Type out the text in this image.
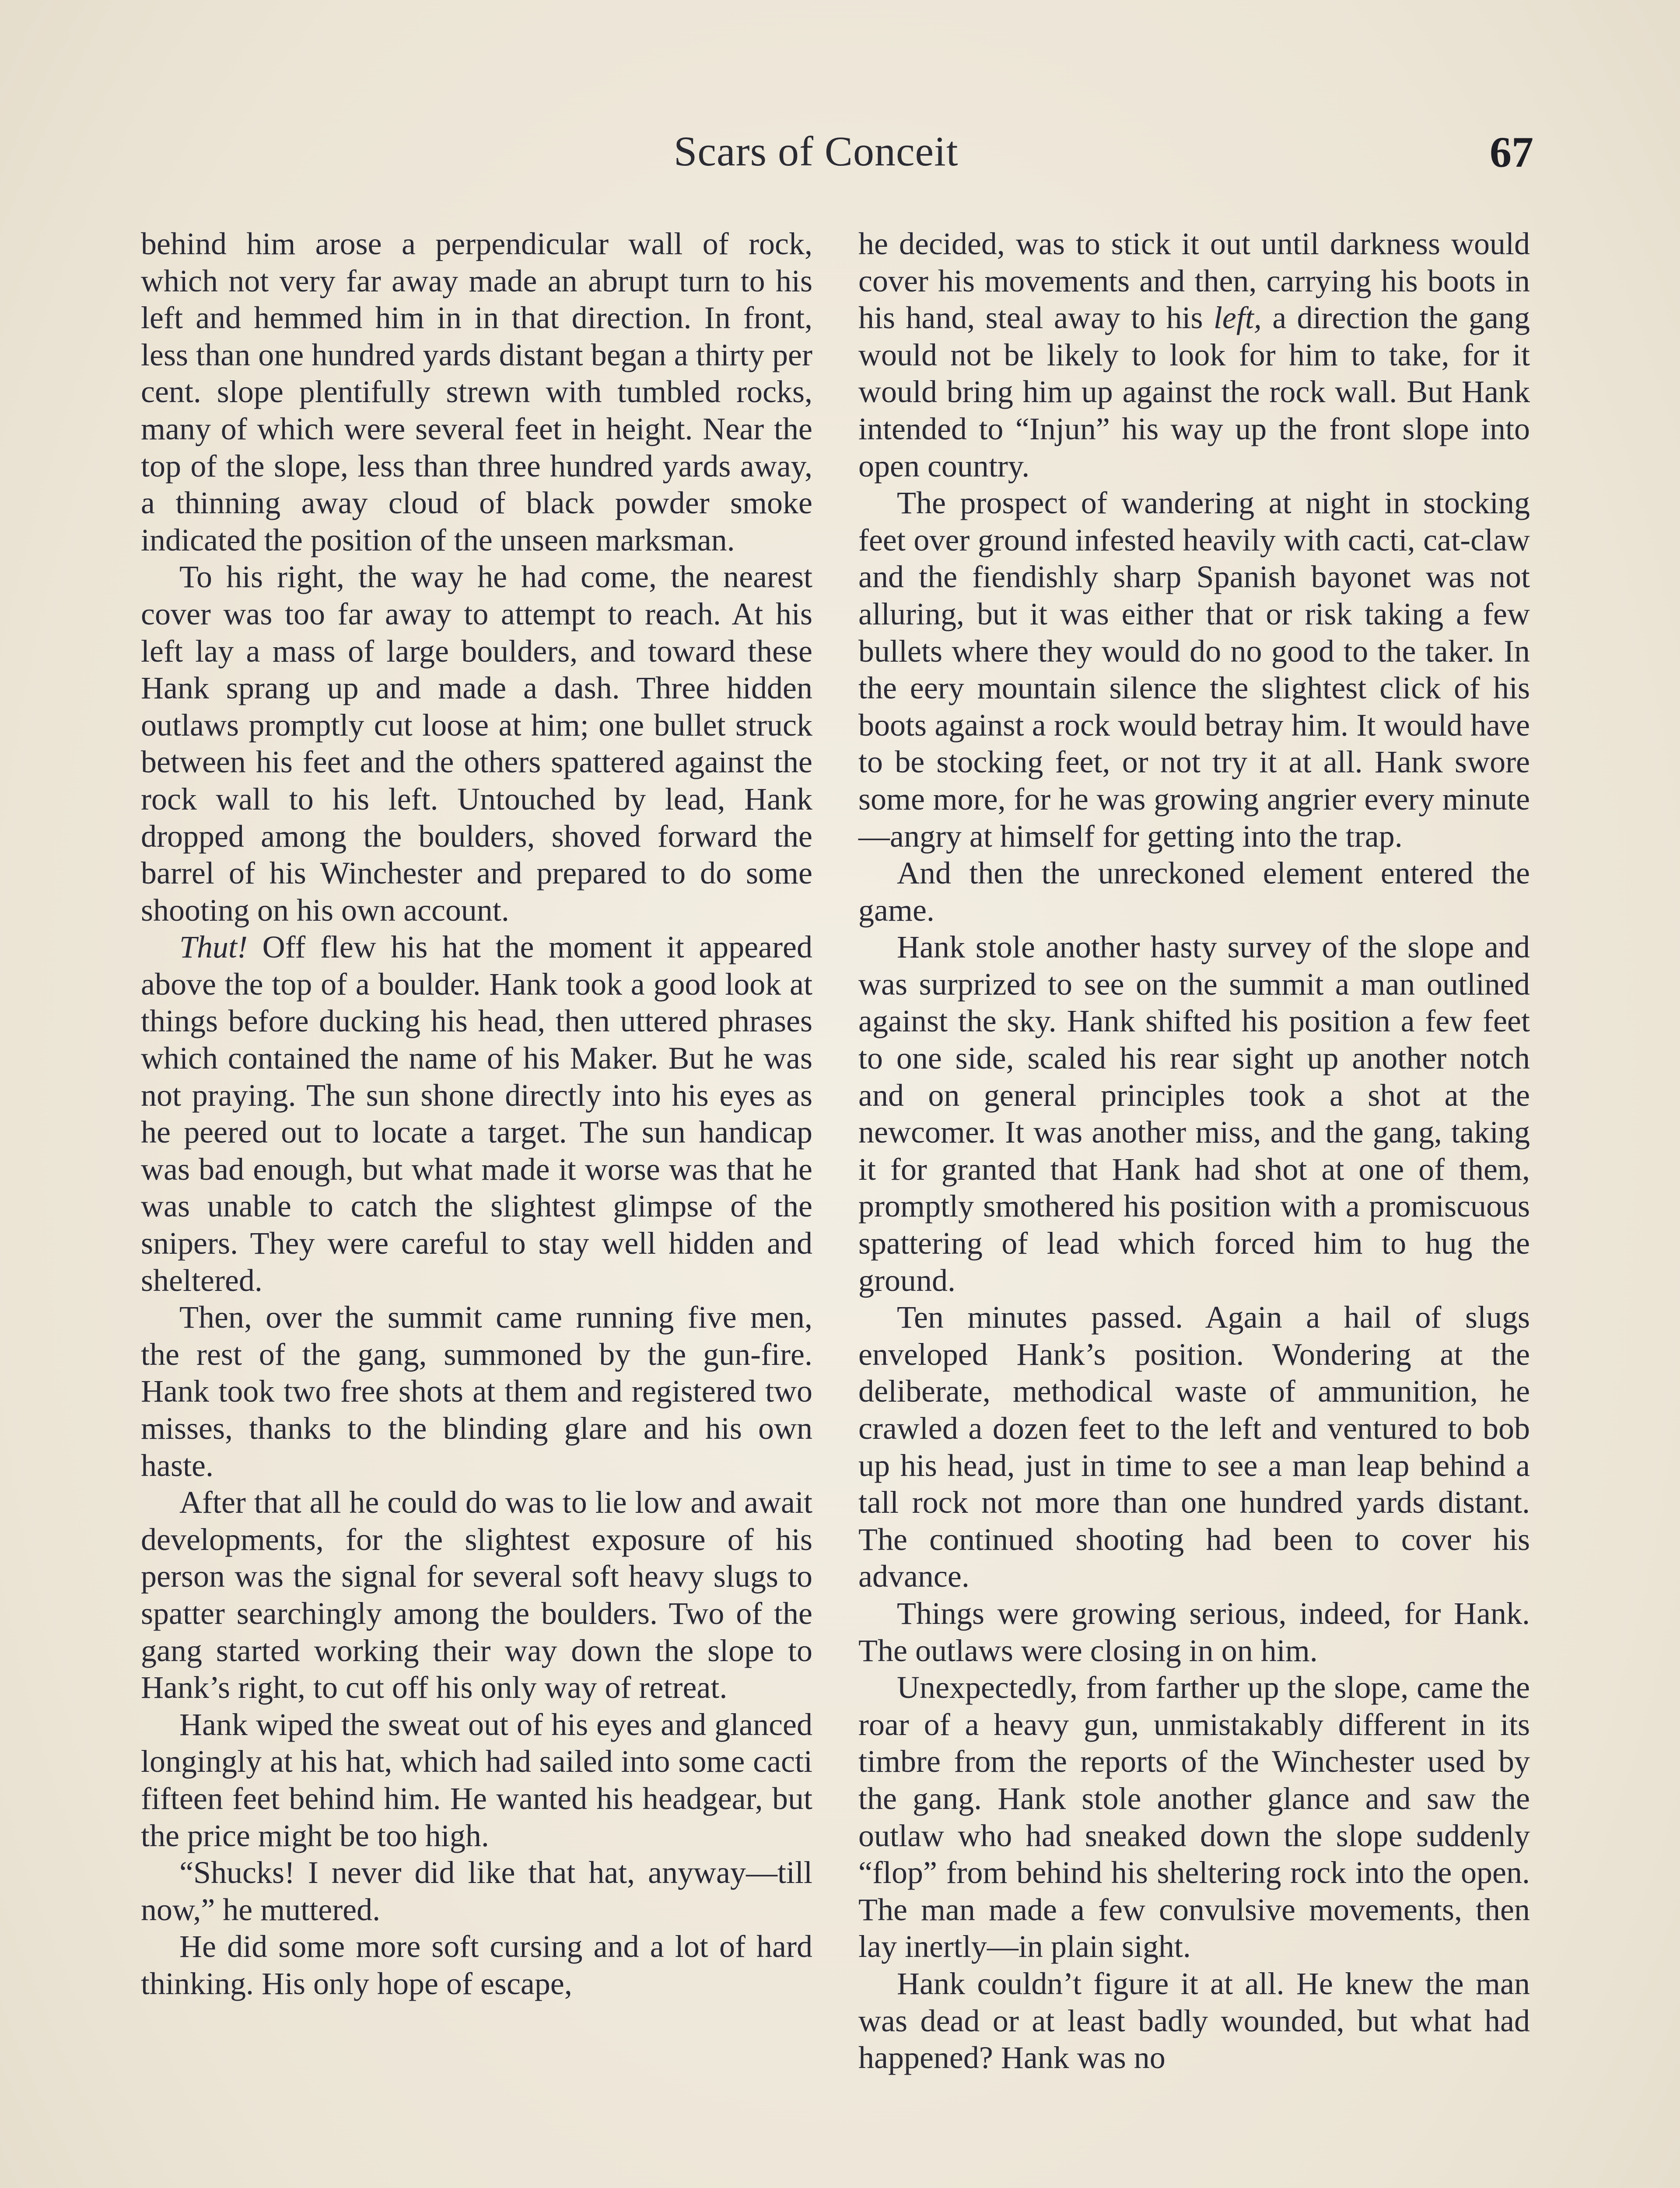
Scars of Conceit	67

behind him arose a perpendicular wall of rock, which not very far away made an abrupt turn to his left and hemmed him in in that direction. In front, less than one hundred yards distant began a thirty per cent. slope plentifully strewn with tumbled rocks, many of which were several feet in height. Near the top of the slope, less than three hundred yards away, a thinning away cloud of black powder smoke indicated the position of the unseen marksman.

To his right, the way he had come, the nearest cover was too far away to attempt to reach. At his left lay a mass of large boulders, and toward these Hank sprang up and made a dash. Three hidden outlaws promptly cut loose at him; one bullet struck between his feet and the others spattered against the rock wall to his left. Untouched by lead, Hank dropped among the boulders, shoved forward the barrel of his Winchester and prepared to do some shooting on his own account.

Thut! Off flew his hat the moment it appeared above the top of a boulder. Hank took a good look at things before ducking his head, then uttered phrases which contained the name of his Maker. But he was not praying. The sun shone directly into his eyes as he peered out to locate a target. The sun handicap was bad enough, but what made it worse was that he was unable to catch the slightest glimpse of the snipers. They were careful to stay well hidden and sheltered.

Then, over the summit came running five men, the rest of the gang, summoned by the gun-fire. Hank took two free shots at them and registered two misses, thanks to the blinding glare and his own haste.

After that all he could do was to lie low and await developments, for the slightest exposure of his person was the signal for several soft heavy slugs to spatter searchingly among the boulders. Two of the gang started working their way down the slope to Hank’s right, to cut off his only way of retreat.

Hank wiped the sweat out of his eyes and glanced longingly at his hat, which had sailed into some cacti fifteen feet behind him. He wanted his headgear, but the price might be too high.

“Shucks! I never did like that hat, anyway—till now,” he muttered.

He did some more soft cursing and a lot of hard thinking. His only hope of escape,

he decided, was to stick it out until darkness would cover his movements and then, carrying his boots in his hand, steal away to his left, a direction the gang would not be likely to look for him to take, for it would bring him up against the rock wall. But Hank intended to “Injun” his way up the front slope into open country.

The prospect of wandering at night in stocking feet over ground infested heavily with cacti, cat-claw and the fiendishly sharp Spanish bayonet was not alluring, but it was either that or risk taking a few bullets where they would do no good to the taker. In the eery mountain silence the slightest click of his boots against a rock would betray him. It would have to be stocking feet, or not try it at all. Hank swore some more, for he was growing angrier every minute—angry at himself for getting into the trap.

And then the unreckoned element entered the game.

Hank stole another hasty survey of the slope and was surprized to see on the summit a man outlined against the sky. Hank shifted his position a few feet to one side, scaled his rear sight up another notch and on general principles took a shot at the newcomer. It was another miss, and the gang, taking it for granted that Hank had shot at one of them, promptly smothered his position with a promiscuous spattering of lead which forced him to hug the ground.

Ten minutes passed. Again a hail of slugs enveloped Hank’s position. Wondering at the deliberate, methodical waste of ammunition, he crawled a dozen feet to the left and ventured to bob up his head, just in time to see a man leap behind a tall rock not more than one hundred yards distant. The continued shooting had been to cover his advance.

Things were growing serious, indeed, for Hank. The outlaws were closing in on him.

Unexpectedly, from farther up the slope, came the roar of a heavy gun, unmistakably different in its timbre from the reports of the Winchester used by the gang. Hank stole another glance and saw the outlaw who had sneaked down the slope suddenly “flop” from behind his sheltering rock into the open. The man made a few convulsive movements, then lay inertly—in plain sight.

Hank couldn’t figure it at all. He knew the man was dead or at least badly wounded, but what had happened? Hank was no
